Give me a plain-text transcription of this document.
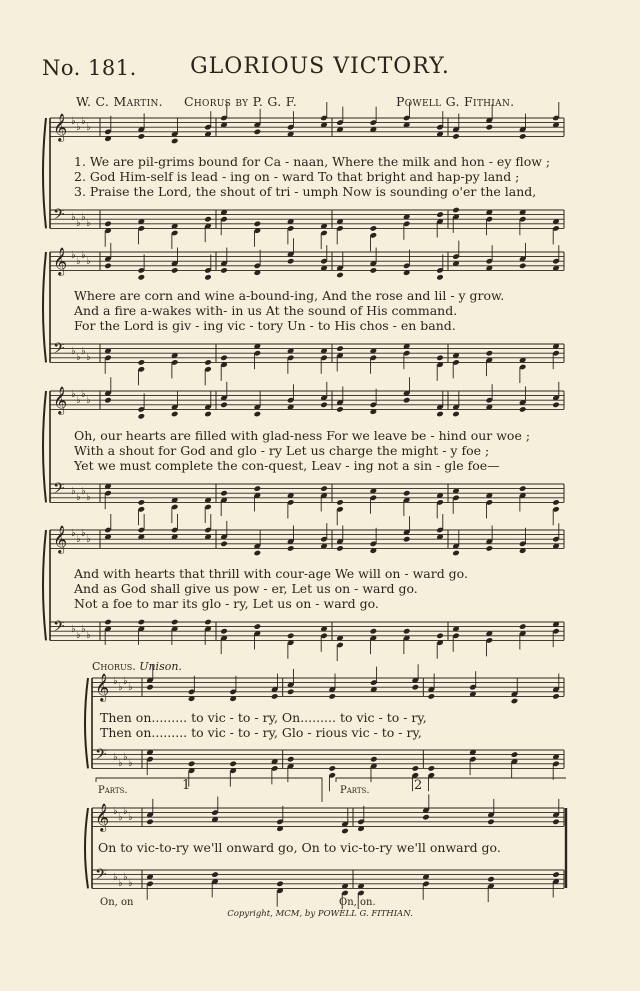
No. 181.	GLORIOUS VICTORY.
W. C. Martin. Chorus by P. G. F.	Powell G. Fithian.
𝄞 ♭
♭
♭
♭
𝄢 ♭
♭
♭
♭
𝄞 ♭
♭
♭
♭
𝄢 ♭
♭
♭
♭
𝄞 ♭
♭
♭
♭
𝄢 ♭
♭
♭
♭
𝄞 ♭
♭
♭
♭
𝄢 ♭
♭
♭
♭
𝄞 ♭
♭
♭
♭
𝄢 ♭
♭
♭
♭
𝄞 ♭
♭
♭
♭
𝄢 ♭
♭
♭
♭
1. We are pil-grims bound for Ca - naan, Where the milk and hon - ey flow ;
2. God Him-self is lead - ing on - ward To that bright and hap-py land ;
3. Praise the Lord, the shout of tri - umph Now is sounding o'er the land,
Where are corn and wine a-bound-ing, And the rose and lil - y grow.
And a fire a-wakes with- in us At the sound of His command.
For the Lord is giv - ing vic - tory Un - to His chos - en band.
Oh, our hearts are filled with glad-ness For we leave be - hind our woe ;
With a shout for God and glo - ry Let us charge the might - y foe ;
Yet we must complete the con-quest, Leav - ing not a sin - gle foe—
And with hearts that thrill with cour-age We will on - ward go.
And as God shall give us pow - er, Let us on - ward go.
Not a foe to mar its glo - ry, Let us on - ward go.
Chorus. Unison.
Then on......... to vic - to - ry, On......... to vic - to - ry,
Then on......... to vic - to - ry, Glo - rious vic - to - ry,
Parts.	1	Parts.	2
On to vic-to-ry we'll onward go, On to vic-to-ry we'll onward go.
On, on	On, on.
Copyright, MCM, by POWELL G. FITHIAN.
